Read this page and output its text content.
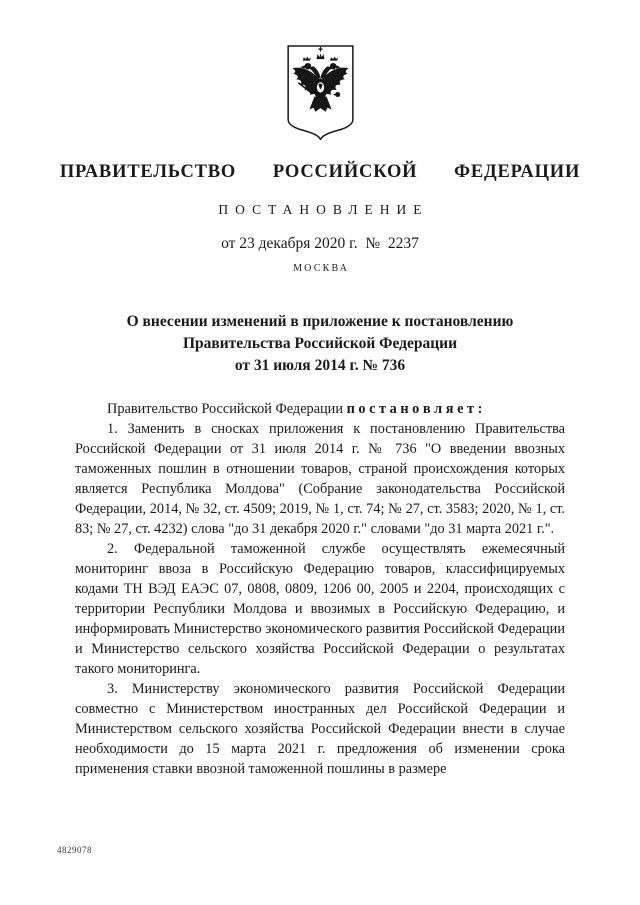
ПРАВИТЕЛЬСТВО  РОССИЙСКОЙ  ФЕДЕРАЦИИ
ПОСТАНОВЛЕНИЕ
от 23 декабря 2020 г.  №  2237
МОСКВА
О внесении изменений в приложение к постановлению
Правительства Российской Федерации
от 31 июля 2014 г. № 736

Правительство Российской Федерации п о с т а н о в л я е т :

1. Заменить в сносках приложения к постановлению Правительства Российской Федерации от 31 июля 2014 г. № 736 "О введении ввозных таможенных пошлин в отношении товаров, страной происхождения которых является Республика Молдова" (Собрание законодательства Российской Федерации, 2014, № 32, ст. 4509; 2019, № 1, ст. 74; № 27, ст. 3583; 2020, № 1, ст. 83; № 27, ст. 4232) слова "до 31 декабря 2020 г." словами "до 31 марта 2021 г.".

2. Федеральной таможенной службе осуществлять ежемесячный мониторинг ввоза в Российскую Федерацию товаров, классифицируемых кодами ТН ВЭД ЕАЭС 07, 0808, 0809, 1206 00, 2005 и 2204, происходящих с территории Республики Молдова и ввозимых в Российскую Федерацию, и информировать Министерство экономического развития Российской Федерации и Министерство сельского хозяйства Российской Федерации о результатах такого мониторинга.

3. Министерству экономического развития Российской Федерации совместно с Министерством иностранных дел Российской Федерации и Министерством сельского хозяйства Российской Федерации внести в случае необходимости до 15 марта 2021 г. предложения об изменении срока применения ставки ввозной таможенной пошлины в размере

4829078
